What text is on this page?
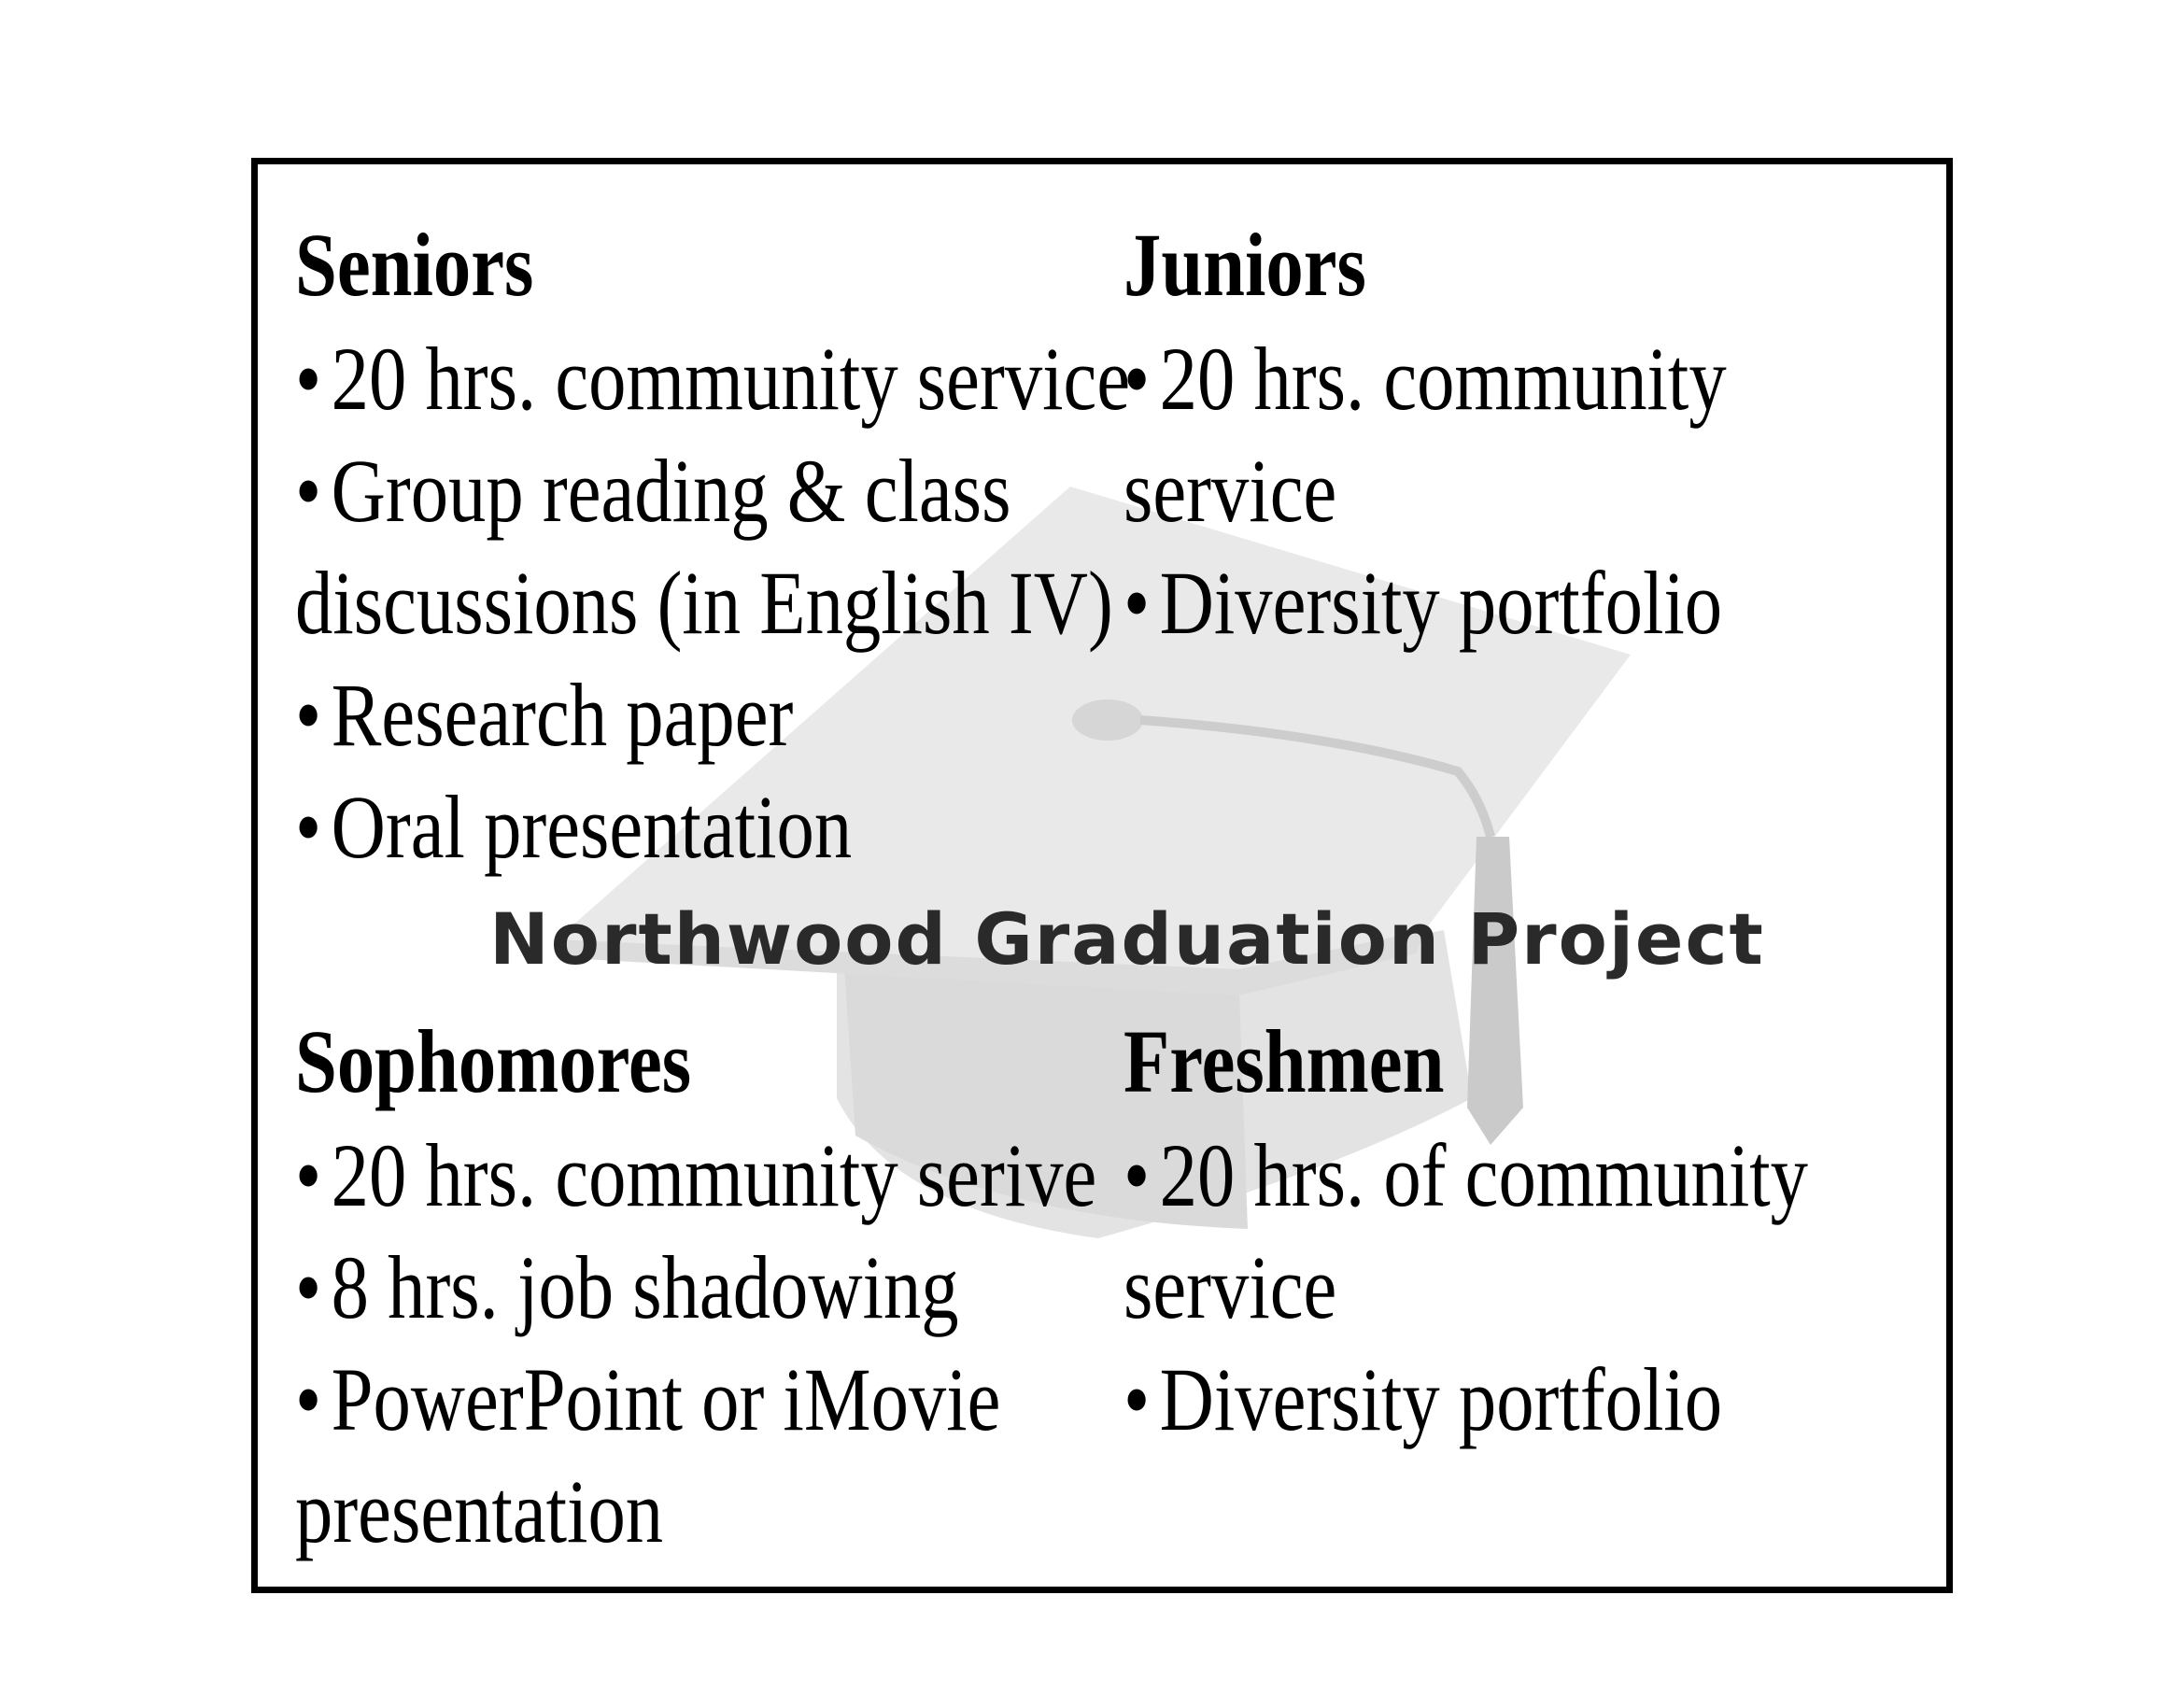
Seniors
• 20 hrs. community service
• Group reading & class
discussions (in English IV)
• Research paper
• Oral presentation
Juniors
• 20 hrs. community
service
• Diversity portfolio
Northwood Graduation Project
Sophomores
• 20 hrs. community serive
• 8 hrs. job shadowing
• PowerPoint or iMovie
presentation
Freshmen
• 20 hrs. of community
service
• Diversity portfolio
